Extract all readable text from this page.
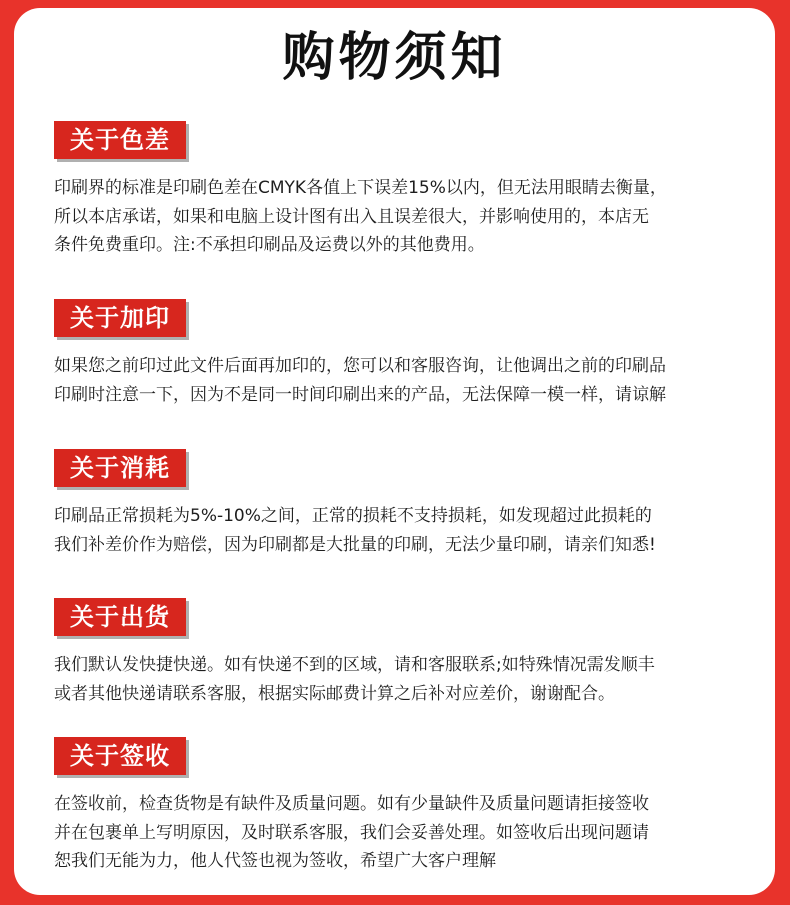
购物须知
关于色差
印刷界的标准是印刷色差在CMYK各值上下误差15%以内，但无法用眼睛去衡量，
所以本店承诺，如果和电脑上设计图有出入且误差很大，并影响使用的，本店无
条件免费重印。注:不承担印刷品及运费以外的其他费用。
关于加印
如果您之前印过此文件后面再加印的，您可以和客服咨询，让他调出之前的印刷品
印刷时注意一下，因为不是同一时间印刷出来的产品，无法保障一模一样，请谅解
关于消耗
印刷品正常损耗为5%-10%之间，正常的损耗不支持损耗，如发现超过此损耗的
我们补差价作为赔偿，因为印刷都是大批量的印刷，无法少量印刷，请亲们知悉!
关于出货
我们默认发快捷快递。如有快递不到的区域，请和客服联系;如特殊情况需发顺丰
或者其他快递请联系客服，根据实际邮费计算之后补对应差价，谢谢配合。
关于签收
在签收前，检查货物是有缺件及质量问题。如有少量缺件及质量问题请拒接签收
并在包裹单上写明原因，及时联系客服，我们会妥善处理。如签收后出现问题请
恕我们无能为力，他人代签也视为签收，希望广大客户理解
